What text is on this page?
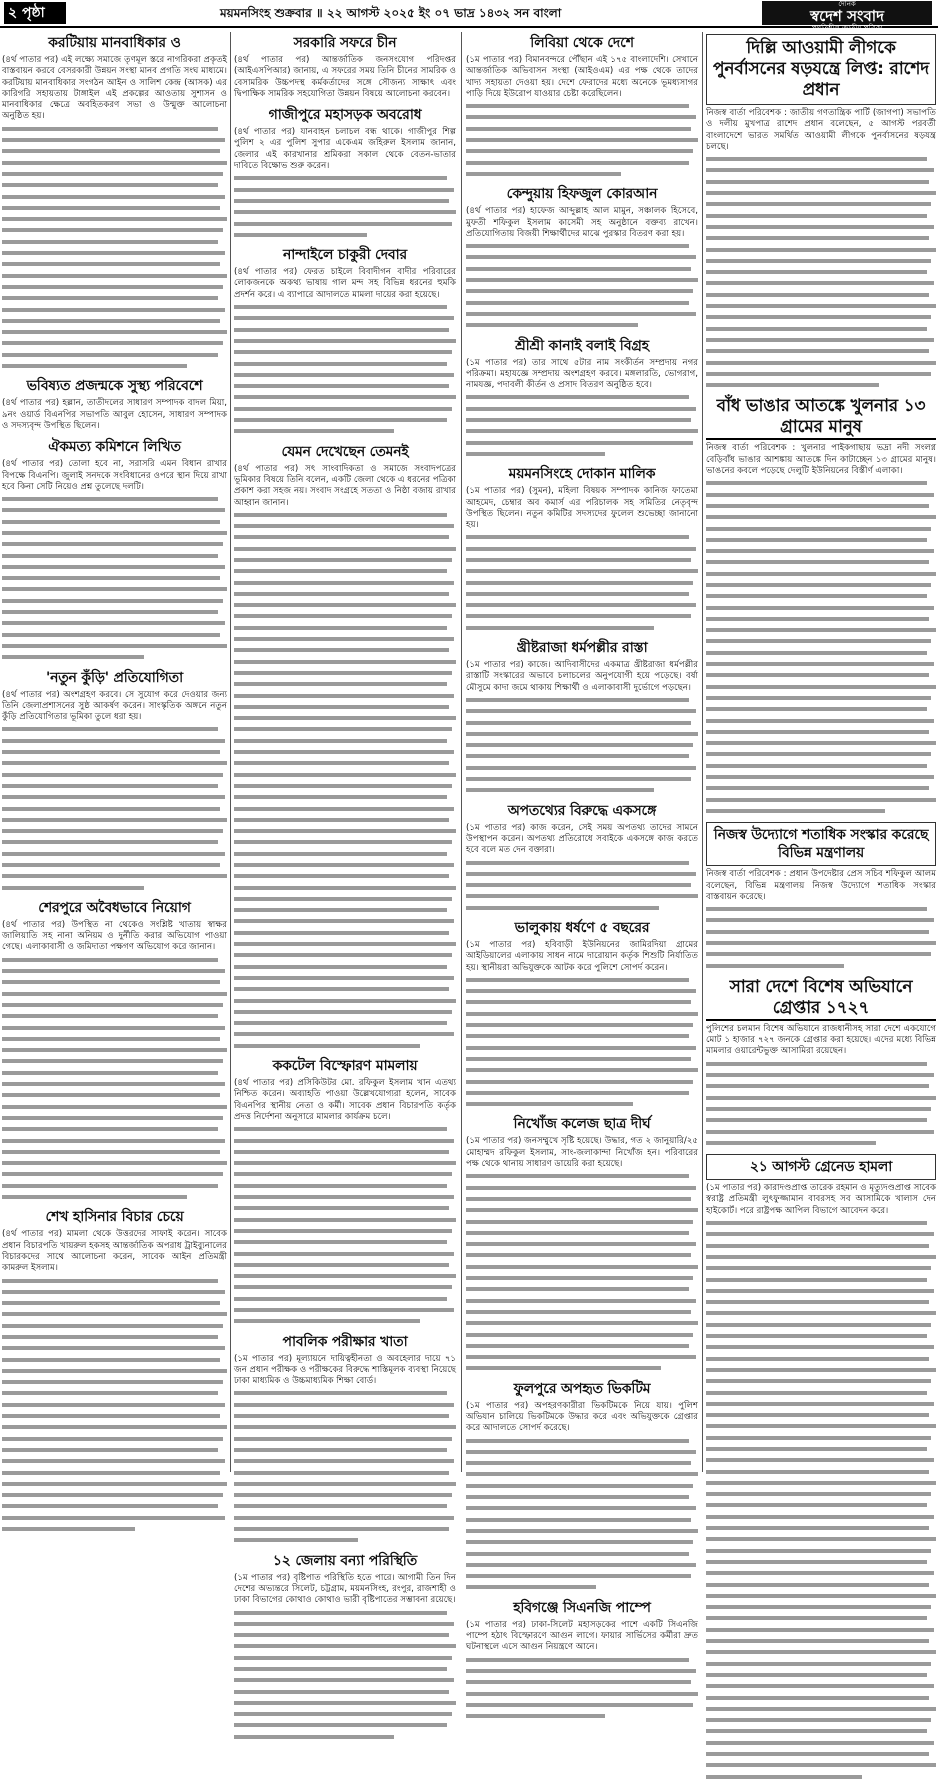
২ পৃষ্ঠা	ময়মনসিংহ শুক্রবার ॥ ২২ আগস্ট ২০২৫ ইং ০৭ ভাদ্র ১৪৩২ সন বাংলা
দৈনিক
স্বদেশ সংবাদ
প্রগতিশীল জাতীয় পত্রিকা
করটিয়ায় মানবাধিকার ও
(৪র্থ পাতার পর) এই লক্ষ্যে সমাজে তৃণমূল স্তরে নাগরিকরা প্রকৃতই বাস্তবায়ন করবে বেসরকারী উন্নয়ন সংস্থা মানব প্রগতি সংঘ মাধ্যমে। করটিয়ায় মানবাধিকার সংগঠন আইন ও সালিশ কেন্দ্র (আসক) এর কারিগরি সহায়তায় টাঙ্গাইল এই প্রকল্পের আওতায় সুশাসন ও মানবাধিকার ক্ষেত্রে অবহিতকরণ সভা ও উন্মুক্ত আলোচনা অনুষ্ঠিত হয়।
ভবিষ্যত প্রজন্মকে সুস্থ্য পরিবেশে
(৪র্থ পাতার পর) হল্লান, তাতীদলের সাধারণ সম্পাদক বাদল মিয়া, ৯নং ওয়ার্ড বিএনপির সভাপতি আবুল হোসেন, সাধারণ সম্পাদক ও সদস্যবৃন্দ উপস্থিত ছিলেন।
ঐকমত্য কমিশনে লিখিত
(৪র্থ পাতার পর) তোলা হবে না, সরাসরি এমন বিধান রাখার বিপক্ষে বিএনপি। জুলাই সনদকে সংবিধানের ওপরে স্থান দিয়ে রাখা হবে কিনা সেটি নিয়েও প্রশ্ন তুলেছে দলটি।
'নতুন কুঁড়ি' প্রতিযোগিতা
(৪র্থ পাতার পর) অংশগ্রহণ করবে। সে সুযোগ করে দেওয়ার জন্য তিনি জেলাপ্রশাসনের সুষ্ঠ আকর্ষণ করেন। সাংস্কৃতিক অঙ্গনে নতুন কুঁড়ি প্রতিযোগিতার ভূমিকা তুলে ধরা হয়।
শেরপুরে অবৈধভাবে নিয়োগ
(৪র্থ পাতার পর) উপস্থিত না থেকেও সংশ্লিষ্ট খাতায় স্বাক্ষর জালিয়াতি সহ নানা অনিয়ম ও দুর্নীতি করার অভিযোগ পাওয়া গেছে। এলাকাবাসী ও জমিদাতা পক্ষগণ অভিযোগ করে জানান।
শেখ হাসিনার বিচার চেয়ে
(৪র্থ পাতার পর) মামলা থেকে উত্তরদের সাফাই করেন। সাবেক প্রধান বিচারপতি খায়রুল হকসহ আন্তর্জাতিক অপরাধ ট্রাইব্যুনালের বিচারকদের সাথে আলোচনা করেন, সাবেক আইন প্রতিমন্ত্রী কামরুল ইসলাম।
সরকারি সফরে চীন
(৪র্থ পাতার পর) আন্তর্জাতিক জনসংযোগ পরিদপ্তর (আইএসপিআর) জানায়, এ সফরের সময় তিনি চীনের সামরিক ও বেসামরিক উচ্চপদস্থ কর্মকর্তাদের সঙ্গে সৌজন্য সাক্ষাৎ এবং দ্বিপাক্ষিক সামরিক সহযোগিতা উন্নয়ন বিষয়ে আলোচনা করবেন।
গাজীপুরে মহাসড়ক অবরোধ
(৪র্থ পাতার পর) যানবাহন চলাচল বন্ধ থাকে। গাজীপুর শিল্প পুলিশ ২ এর পুলিশ সুপার একেএম জহিরুল ইসলাম জানান, জেলার এই কারখানার শ্রমিকরা সকাল থেকে বেতন-ভাতার দাবিতে বিক্ষোভ শুরু করেন।
নান্দাইলে চাকুরী দেবার
(৪র্থ পাতার পর) ফেরত চাইলে বিবাদীগন বাদীর পরিবারের লোকজনকে অকথ্য ভাষায় গাল মন্দ সহ বিভিন্ন ধরনের হুমকি প্রদর্শন করে। এ ব্যাপারে আদালতে মামলা দায়ের করা হয়েছে।
যেমন দেখেছেন তেমনই
(৪র্থ পাতার পর) সৎ সাংবাদিকতা ও সমাজে সংবাদপত্রের ভূমিকার বিষয়ে তিনি বলেন, একটি জেলা থেকে এ ধরনের পত্রিকা প্রকাশ করা সহজ নয়। সংবাদ সংগ্রহে সততা ও নিষ্ঠা বজায় রাখার আহ্বান জানান।
ককটেল বিস্ফোরণ মামলায়
(৪র্থ পাতার পর) প্রসিকিউটর মো. রফিকুল ইসলাম খান এতথ্য নিশ্চিত করেন। অব্যাহতি পাওয়া উল্লেখযোগ্যরা হলেন, সাবেক বিএনপির স্থানীয় নেতা ও কর্মী। সাবেক প্রধান বিচারপতি কর্তৃক প্রদত্ত নির্দেশনা অনুসারে মামলার কার্যক্রম চলে।
পাবলিক পরীক্ষার খাতা
(১ম পাতার পর) মূল্যায়নে দায়িত্বহীনতা ও অবহেলার দায়ে ৭১ জন প্রধান পরীক্ষক ও পরীক্ষকের বিরুদ্ধে শাস্তিমূলক ব্যবস্থা নিয়েছে ঢাকা মাধ্যমিক ও উচ্চমাধ্যমিক শিক্ষা বোর্ড।
১২ জেলায় বন্যা পরিস্থিতি
(১ম পাতার পর) বৃষ্টিপাত পরিস্থিতি হতে পারে। আগামী তিন দিন দেশের অভ্যন্তরে সিলেট, চট্টগ্রাম, ময়মনসিংহ, রংপুর, রাজশাহী ও ঢাকা বিভাগের কোথাও কোথাও ভারী বৃষ্টিপাতের সম্ভাবনা রয়েছে।
লিবিয়া থেকে দেশে
(১ম পাতার পর) বিমানবন্দরে পৌঁছান এই ১৭৫ বাংলাদেশি। সেখানে আন্তর্জাতিক অভিবাসন সংস্থা (আইওএম) এর পক্ষ থেকে তাদের খাদ্য সহায়তা দেওয়া হয়। দেশে ফেরাদের মধ্যে অনেকে ভূমধ্যসাগর পাড়ি দিয়ে ইউরোপ যাওয়ার চেষ্টা করেছিলেন।
কেন্দুয়ায় হিফজুল কোরআন
(৪র্থ পাতার পর) হাফেজ আব্দুল্লাহ আল মামুন, সঞ্চালক হিসেবে, মুফতী শফিকুল ইসলাম কাসেমী সহ অনুষ্ঠানে বক্তব্য রাখেন। প্রতিযোগিতায় বিজয়ী শিক্ষার্থীদের মাঝে পুরস্কার বিতরণ করা হয়।
শ্রীশ্রী কানাই বলাই বিগ্রহ
(১ম পাতার পর) তার সাথে ৫টার নাম সংকীর্তন সম্প্রদায় নগর পরিক্রমা। মহাযজ্ঞে সম্প্রদায় অংশগ্রহণ করবে। মঙ্গলারতি, ভোগরাগ, নামযজ্ঞ, পদাবলী কীর্তন ও প্রসাদ বিতরণ অনুষ্ঠিত হবে।
ময়মনসিংহে দোকান মালিক
(১ম পাতার পর) (সুমন), মহিলা বিষয়ক সম্পাদক কানিজ ফাতেমা আহমেদ, চেম্বার অব কমার্স এর পরিচালক সহ সমিতির নেতৃবৃন্দ উপস্থিত ছিলেন। নতুন কমিটির সদস্যদের ফুলেল শুভেচ্ছা জানানো হয়।
খ্রীষ্টরাজা ধর্মপল্লীর রাস্তা
(১ম পাতার পর) কাজে। আদিবাসীদের একমাত্র খ্রীষ্টরাজা ধর্মপল্লীর রাস্তাটি সংস্কারের অভাবে চলাচলের অনুপযোগী হয়ে পড়েছে। বর্ষা মৌসুমে কাদা জমে থাকায় শিক্ষার্থী ও এলাকাবাসী দুর্ভোগে পড়ছেন।
অপতথ্যের বিরুদ্ধে একসঙ্গে
(১ম পাতার পর) কাজ করেন, সেই সময় অপতথ্য তাদের সামনে উপস্থাপন করেন। অপতথ্য প্রতিরোধে সবাইকে একসঙ্গে কাজ করতে হবে বলে মত দেন বক্তারা।
ভালুকায় ধর্ষণে ৫ বছরের
(১ম পাতার পর) হবিবাড়ী ইউনিয়নের জামিরদিয়া গ্রামের আইডিয়ালের এলাকায় সাধন নামে দারোয়ান কর্তৃক শিশুটি নির্যাতিত হয়। স্থানীয়রা অভিযুক্তকে আটক করে পুলিশে সোপর্দ করেন।
নিখোঁজ কলেজ ছাত্র দীর্ঘ
(১ম পাতার পর) জনসম্মুখে সৃষ্টি হয়েছে। উদ্ধার, গত ২ জানুয়ারি/২৫ মোহাম্মদ রফিকুল ইসলাম, সাং-জলাকান্দা নিখোঁজ হন। পরিবারের পক্ষ থেকে থানায় সাধারণ ডায়েরি করা হয়েছে।
ফুলপুরে অপহৃত ভিকটিম
(১ম পাতার পর) অপহরণকারীরা ভিকটিমকে নিয়ে যায়। পুলিশ অভিযান চালিয়ে ভিকটিমকে উদ্ধার করে এবং অভিযুক্তকে গ্রেপ্তার করে আদালতে সোপর্দ করেছে।
হবিগঞ্জে সিএনজি পাম্পে
(১ম পাতার পর) ঢাকা-সিলেট মহাসড়কের পাশে একটি সিএনজি পাম্পে হঠাৎ বিস্ফোরণে আগুন লাগে। ফায়ার সার্ভিসের কর্মীরা দ্রুত ঘটনাস্থলে এসে আগুন নিয়ন্ত্রণে আনে।
দিল্লি আওয়ামী লীগকে পুনর্বাসনের ষড়যন্ত্রে লিপ্ত: রাশেদ প্রধান
নিজস্ব বার্তা পরিবেশক : জাতীয় গণতান্ত্রিক পার্টি (জাগপা) সভাপতি ও দলীয় মুখপাত্র রাশেদ প্রধান বলেছেন, ৫ আগস্ট পরবর্তী বাংলাদেশে ভারত সমর্থিত আওয়ামী লীগকে পুনর্বাসনের ষড়যন্ত্র চলছে।
বাঁধ ভাঙার আতঙ্কে খুলনার ১৩ গ্রামের মানুষ
নিজস্ব বার্তা পরিবেশক : খুলনার পাইকগাছায় ভদ্রা নদী সংলগ্ন বেড়িবাঁধ ভাঙার আশঙ্কায় আতঙ্কে দিন কাটাচ্ছেন ১৩ গ্রামের মানুষ। ভাঙনের কবলে পড়েছে দেলুটি ইউনিয়নের বিস্তীর্ণ এলাকা।
নিজস্ব উদ্যোগে শতাধিক সংস্কার করেছে বিভিন্ন মন্ত্রণালয়
নিজস্ব বার্তা পরিবেশক : প্রধান উপদেষ্টার প্রেস সচিব শফিকুল আলম বলেছেন, বিভিন্ন মন্ত্রণালয় নিজস্ব উদ্যোগে শতাধিক সংস্কার বাস্তবায়ন করেছে।
সারা দেশে বিশেষ অভিযানে গ্রেপ্তার ১৭২৭
পুলিশের চলমান বিশেষ অভিযানে রাজধানীসহ সারা দেশে একযোগে মোট ১ হাজার ৭২৭ জনকে গ্রেপ্তার করা হয়েছে। এদের মধ্যে বিভিন্ন মামলার ওয়ারেন্টভুক্ত আসামিরা রয়েছেন।
২১ আগস্ট গ্রেনেড হামলা
(১ম পাতার পর) কারাদণ্ডপ্রাপ্ত তারেক রহমান ও মৃত্যুদণ্ডপ্রাপ্ত সাবেক স্বরাষ্ট্র প্রতিমন্ত্রী লুৎফুজ্জামান বাবরসহ সব আসামিকে খালাস দেন হাইকোর্ট। পরে রাষ্ট্রপক্ষ আপিল বিভাগে আবেদন করে।
